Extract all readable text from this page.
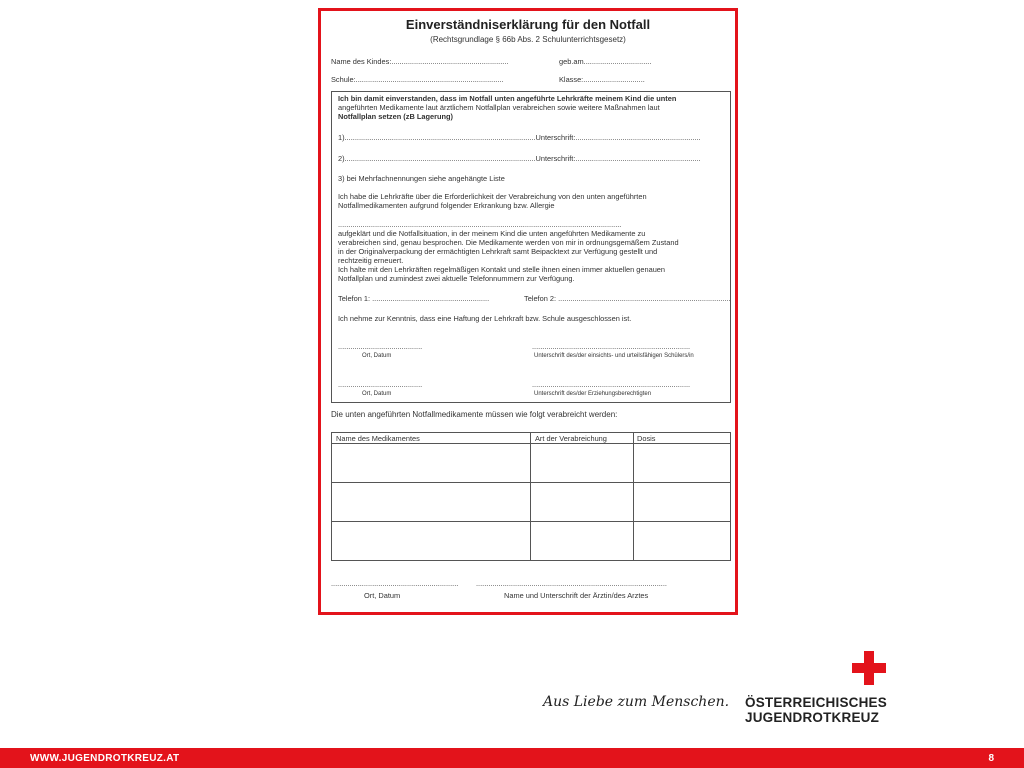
Einverständniserklärung für den Notfall
(Rechtsgrundlage § 66b Abs. 2 Schulunterrichtsgesetz)
Name des Kindes:.........................................................	geb.am.................................
Schule:........................................................................	Klasse:..............................
Ich bin damit einverstanden, dass im Notfall unten angeführte Lehrkräfte meinem Kind die unten
angeführten Medikamente laut ärztlichem Notfallplan verabreichen sowie weitere Maßnahmen laut
Notfallplan setzen (zB Lagerung)
1).............................................................................................Unterschrift:.............................................................
2).............................................................................................Unterschrift:.............................................................
3) bei Mehrfachnennungen siehe angehängte Liste
Ich habe die Lehrkräfte über die Erforderlichkeit der Verabreichung von den unten angeführten
Notfallmedikamenten aufgrund folgender Erkrankung bzw. Allergie
..........................................................................................................................................
aufgeklärt und die Notfallsituation, in der meinem Kind die unten angeführten Medikamente zu
verabreichen sind, genau besprochen. Die Medikamente werden von mir in ordnungsgemäßem Zustand
in der Originalverpackung der ermächtigten Lehrkraft samt Beipacktext zur Verfügung gestellt und
rechtzeitig erneuert.
Ich halte mit den Lehrkräften regelmäßigen Kontakt und stelle ihnen einen immer aktuellen genauen
Notfallplan und zumindest zwei aktuelle Telefonnummern zur Verfügung.
Telefon 1: .........................................................	Telefon 2: ....................................................................................
Ich nehme zur Kenntnis, dass eine Haftung der Lehrkraft bzw. Schule ausgeschlossen ist.
.........................................	.............................................................................
Ort, Datum	Unterschrift des/der einsichts- und urteilsfähigen Schülers/in
.........................................	.............................................................................
Ort, Datum	Unterschrift des/der Erziehungsberechtigten
Die unten angeführten Notfallmedikamente müssen wie folgt verabreicht werden:
Name des Medikamentes	Art der Verabreichung	Dosis
.............................................................. .............................................................................................
Ort, Datum	Name und Unterschrift der Ärztin/des Arztes
Aus Liebe zum Menschen. ÖSTERREICHISCHES JUGENDROTKREUZ
WWW.JUGENDROTKREUZ.AT	8
